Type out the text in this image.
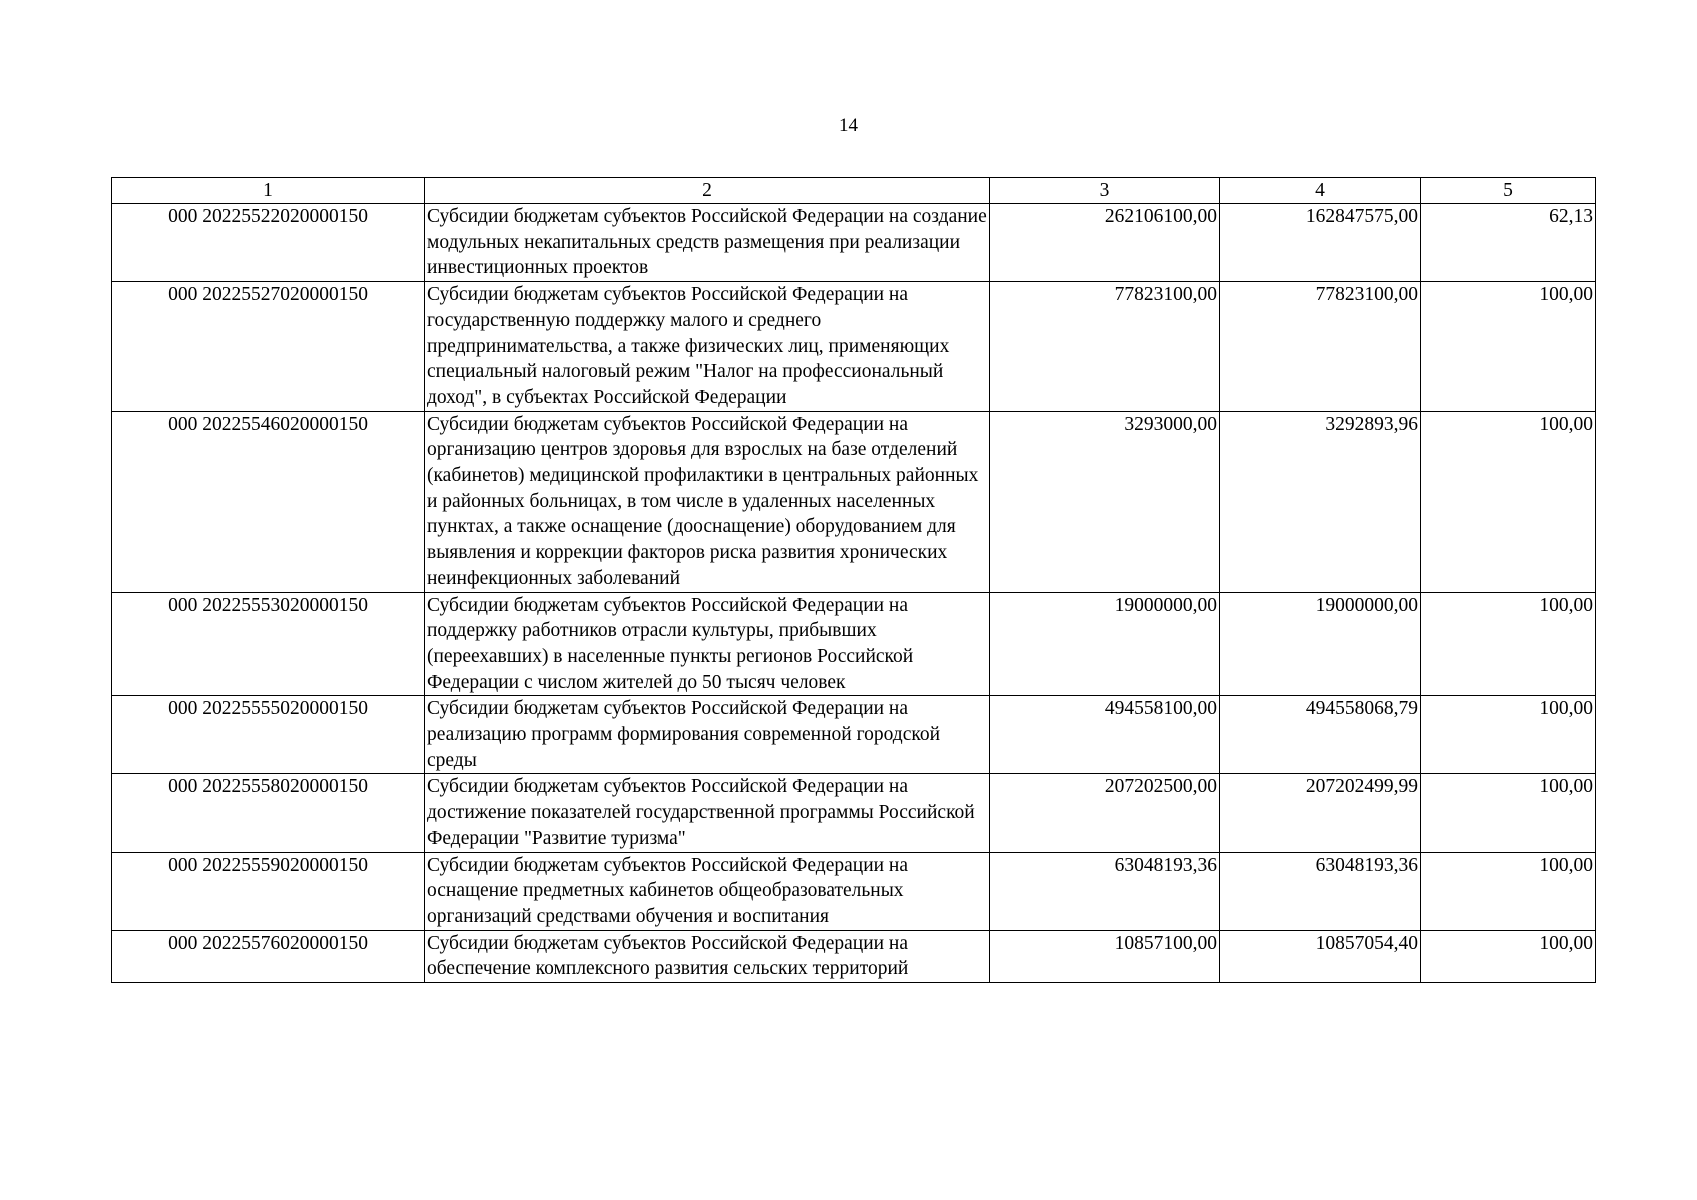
14
1	2	3	4	5
000 20225522020000150	Субсидии бюджетам субъектов Российской Федерации на создание модульных некапитальных средств размещения при реализации инвестиционных проектов	262106100,00	162847575,00	62,13
000 20225527020000150	Субсидии бюджетам субъектов Российской Федерации на государственную поддержку малого и среднего предпринимательства, а также физических лиц, применяющих специальный налоговый режим "Налог на профессиональный доход", в субъектах Российской Федерации	77823100,00	77823100,00	100,00
000 20225546020000150	Субсидии бюджетам субъектов Российской Федерации на организацию центров здоровья для взрослых на базе отделений (кабинетов) медицинской профилактики в центральных районных и районных больницах, в том числе в удаленных населенных пунктах, а также оснащение (дооснащение) оборудованием для выявления и коррекции факторов риска развития хронических неинфекционных заболеваний	3293000,00	3292893,96	100,00
000 20225553020000150	Субсидии бюджетам субъектов Российской Федерации на поддержку работников отрасли культуры, прибывших (переехавших) в населенные пункты регионов Российской Федерации с числом жителей до 50 тысяч человек	19000000,00	19000000,00	100,00
000 20225555020000150	Субсидии бюджетам субъектов Российской Федерации на реализацию программ формирования современной городской среды	494558100,00	494558068,79	100,00
000 20225558020000150	Субсидии бюджетам субъектов Российской Федерации на достижение показателей государственной программы Российской Федерации "Развитие туризма"	207202500,00	207202499,99	100,00
000 20225559020000150	Субсидии бюджетам субъектов Российской Федерации на оснащение предметных кабинетов общеобразовательных организаций средствами обучения и воспитания	63048193,36	63048193,36	100,00
000 20225576020000150	Субсидии бюджетам субъектов Российской Федерации на обеспечение комплексного развития сельских территорий	10857100,00	10857054,40	100,00
